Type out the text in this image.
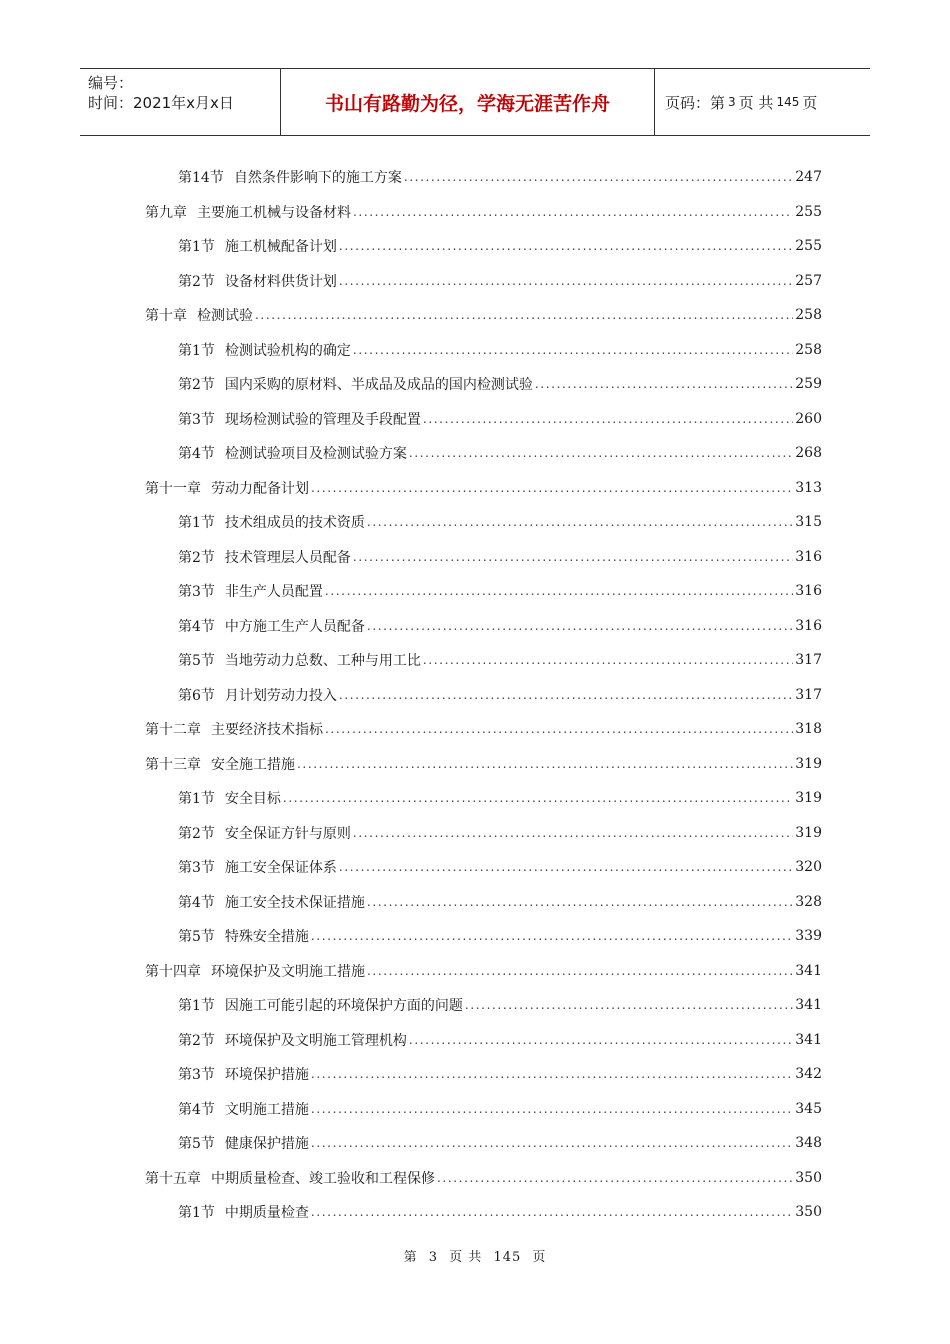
编号：
时间：2021年x月x日	书山有路勤为径，学海无涯苦作舟	页码：第 3 页 共 145 页
第14节 自然条件影响下的施工方案 .....	247
第九章 主要施工机械与设备材料 .....	255
第1节 施工机械配备计划 .....	255
第2节 设备材料供货计划 .....	257
第十章 检测试验 .....	258
第1节 检测试验机构的确定 .....	258
第2节 国内采购的原材料、半成品及成品的国内检测试验 .....	259
第3节 现场检测试验的管理及手段配置 .....	260
第4节 检测试验项目及检测试验方案 .....	268
第十一章 劳动力配备计划 .....	313
第1节 技术组成员的技术资质 .....	315
第2节 技术管理层人员配备 .....	316
第3节 非生产人员配置 .....	316
第4节 中方施工生产人员配备 .....	316
第5节 当地劳动力总数、工种与用工比 .....	317
第6节 月计划劳动力投入 .....	317
第十二章 主要经济技术指标 .....	318
第十三章 安全施工措施 .....	319
第1节 安全目标 .....	319
第2节 安全保证方针与原则 .....	319
第3节 施工安全保证体系 .....	320
第4节 施工安全技术保证措施 .....	328
第5节 特殊安全措施 .....	339
第十四章 环境保护及文明施工措施 .....	341
第1节 因施工可能引起的环境保护方面的问题 .....	341
第2节 环境保护及文明施工管理机构 .....	341
第3节 环境保护措施 .....	342
第4节 文明施工措施 .....	345
第5节 健康保护措施 .....	348
第十五章 中期质量检查、竣工验收和工程保修 .....	350
第1节 中期质量检查 .....	350
第 3 页 共 145 页
